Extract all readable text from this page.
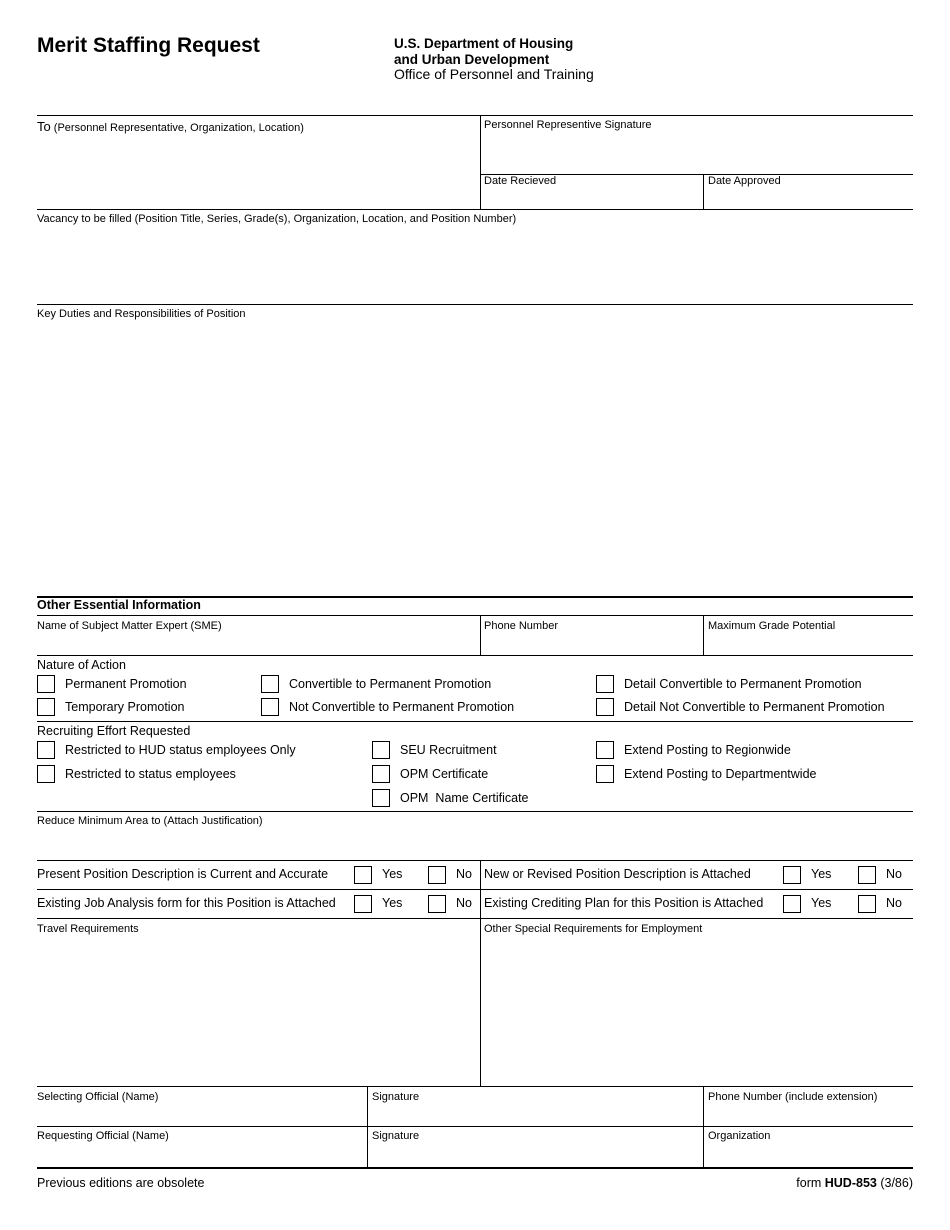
Merit Staffing Request	U.S. Department of Housing
and Urban Development
Office of Personnel and Training
To (Personnel Representative, Organization, Location)	Personnel Representive Signature
Date Recieved	Date Approved
Vacancy to be filled (Position Title, Series, Grade(s), Organization, Location, and Position Number)
Key Duties and Responsibilities of Position
Other Essential Information
Name of Subject Matter Expert (SME)	Phone Number	Maximum Grade Potential
Nature of Action
Permanent Promotion	Convertible to Permanent Promotion	Detail Convertible to Permanent Promotion
Temporary Promotion	Not Convertible to Permanent Promotion	Detail Not Convertible to Permanent Promotion
Recruiting Effort Requested
Restricted to HUD status employees Only	SEU Recruitment	Extend Posting to Regionwide
Restricted to status employees	OPM Certificate	Extend Posting to Departmentwide
OPM  Name Certificate
Reduce Minimum Area to (Attach Justification)
Present Position Description is Current and Accurate	Yes	No New or Revised Position Description is Attached	Yes	No
Existing Job Analysis form for this Position is Attached	Yes	No Existing Crediting Plan for this Position is Attached	Yes	No
Travel Requirements	Other Special Requirements for Employment
Selecting Official (Name)	Signature	Phone Number (include extension)
Requesting Official (Name)	Signature	Organization
Previous editions are obsolete	form HUD-853 (3/86)
